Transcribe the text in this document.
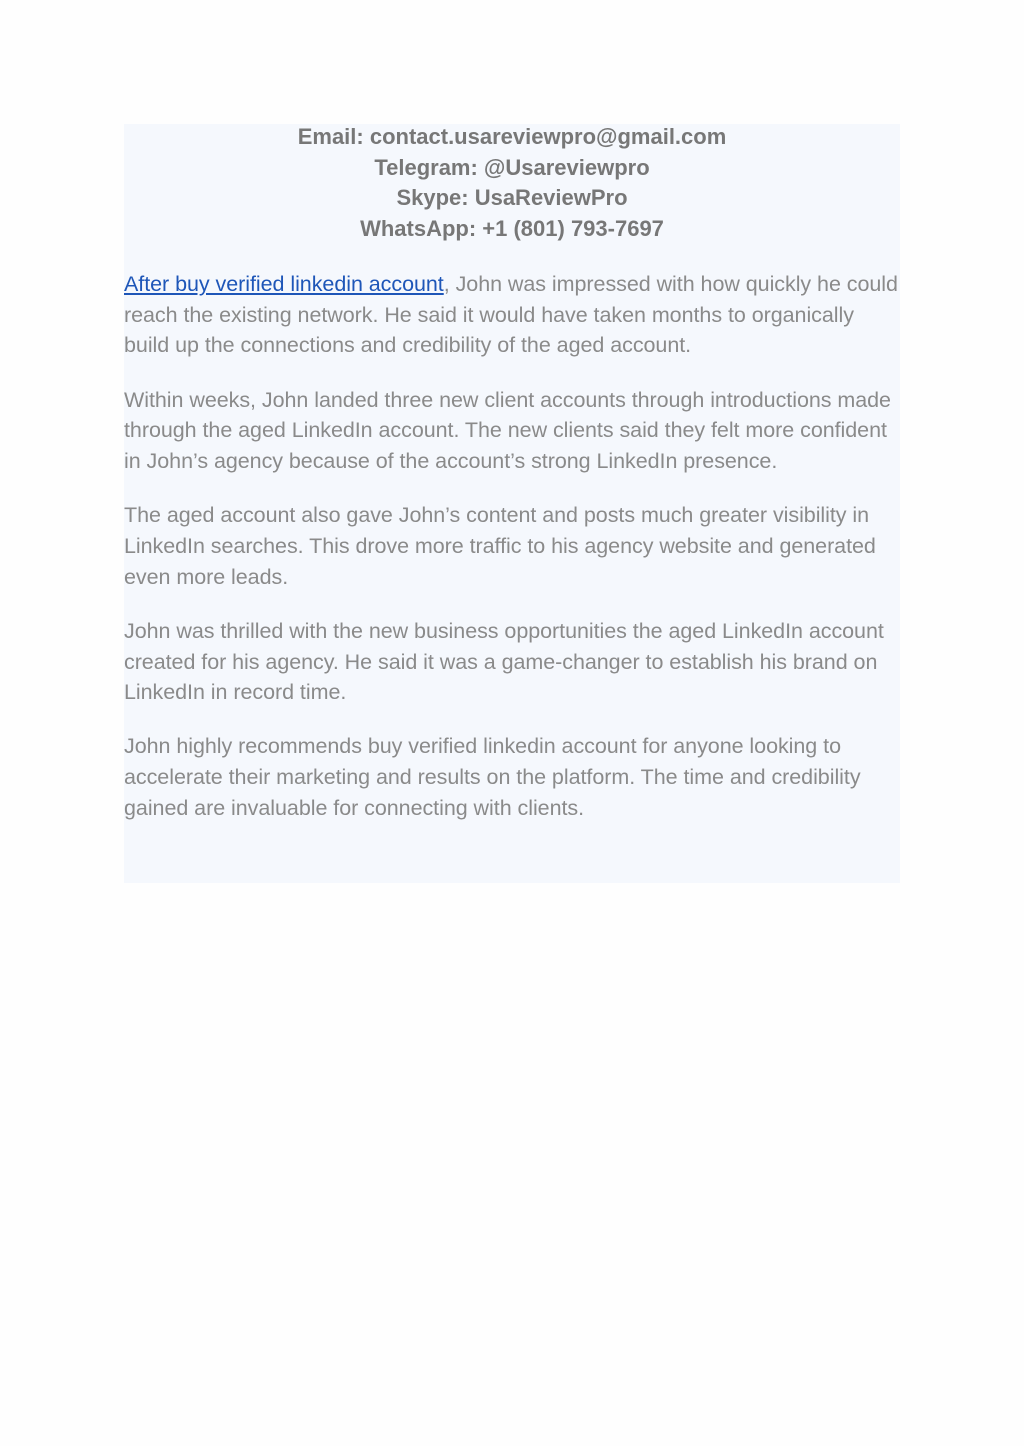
Email: contact.usareviewpro@gmail.com
Telegram: @Usareviewpro
Skype: UsaReviewPro
WhatsApp: +1 (801) 793-7697

After buy verified linkedin account, John was impressed with how quickly he could reach the existing network. He said it would have taken months to organically build up the connections and credibility of the aged account.

Within weeks, John landed three new client accounts through introductions made through the aged LinkedIn account. The new clients said they felt more confident in John’s agency because of the account’s strong LinkedIn presence.

The aged account also gave John’s content and posts much greater visibility in LinkedIn searches. This drove more traffic to his agency website and generated even more leads.

John was thrilled with the new business opportunities the aged LinkedIn account created for his agency. He said it was a game-changer to establish his brand on LinkedIn in record time.

John highly recommends buy verified linkedin account for anyone looking to accelerate their marketing and results on the platform. The time and credibility gained are invaluable for connecting with clients.
